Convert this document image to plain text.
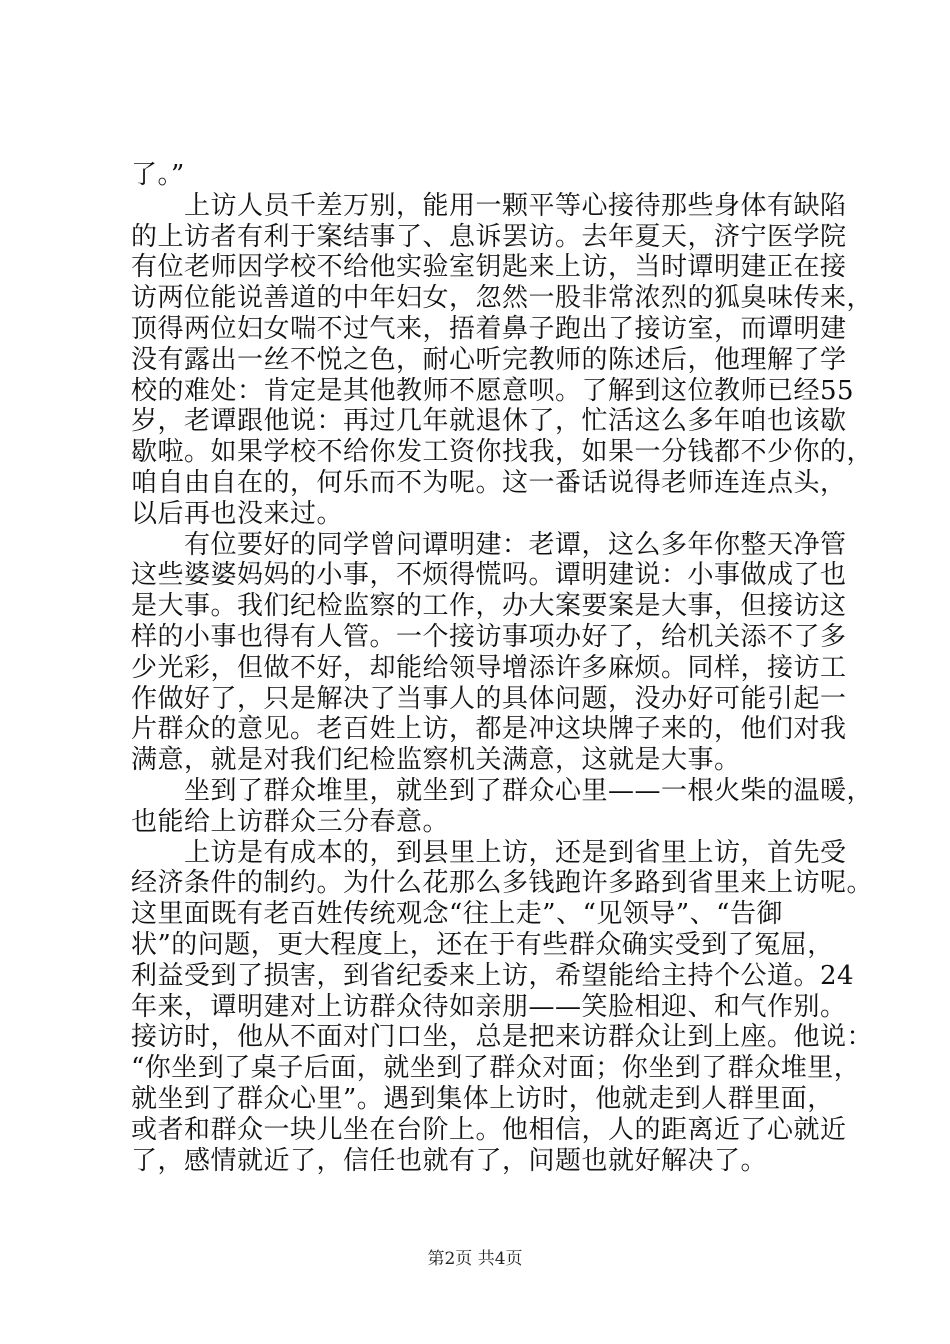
了。”
　　上访人员千差万别，能用一颗平等心接待那些身体有缺陷
的上访者有利于案结事了、息诉罢访。去年夏天，济宁医学院
有位老师因学校不给他实验室钥匙来上访，当时谭明建正在接
访两位能说善道的中年妇女，忽然一股非常浓烈的狐臭味传来，
顶得两位妇女喘不过气来，捂着鼻子跑出了接访室，而谭明建
没有露出一丝不悦之色，耐心听完教师的陈述后，他理解了学
校的难处：肯定是其他教师不愿意呗。了解到这位教师已经55
岁，老谭跟他说：再过几年就退休了，忙活这么多年咱也该歇
歇啦。如果学校不给你发工资你找我，如果一分钱都不少你的，
咱自由自在的，何乐而不为呢。这一番话说得老师连连点头，
以后再也没来过。
　　有位要好的同学曾问谭明建：老谭，这么多年你整天净管
这些婆婆妈妈的小事，不烦得慌吗。谭明建说：小事做成了也
是大事。我们纪检监察的工作，办大案要案是大事，但接访这
样的小事也得有人管。一个接访事项办好了，给机关添不了多
少光彩，但做不好，却能给领导增添许多麻烦。同样，接访工
作做好了，只是解决了当事人的具体问题，没办好可能引起一
片群众的意见。老百姓上访，都是冲这块牌子来的，他们对我
满意，就是对我们纪检监察机关满意，这就是大事。
　　坐到了群众堆里，就坐到了群众心里——一根火柴的温暖，
也能给上访群众三分春意。
　　上访是有成本的，到县里上访，还是到省里上访，首先受
经济条件的制约。为什么花那么多钱跑许多路到省里来上访呢。
这里面既有老百姓传统观念“往上走”、“见领导”、“告御
状”的问题，更大程度上，还在于有些群众确实受到了冤屈，
利益受到了损害，到省纪委来上访，希望能给主持个公道。24
年来，谭明建对上访群众待如亲朋——笑脸相迎、和气作别。
接访时，他从不面对门口坐，总是把来访群众让到上座。他说：
“你坐到了桌子后面，就坐到了群众对面；你坐到了群众堆里，
就坐到了群众心里”。遇到集体上访时，他就走到人群里面，
或者和群众一块儿坐在台阶上。他相信，人的距离近了心就近
了，感情就近了，信任也就有了，问题也就好解决了。
第2页 共4页
